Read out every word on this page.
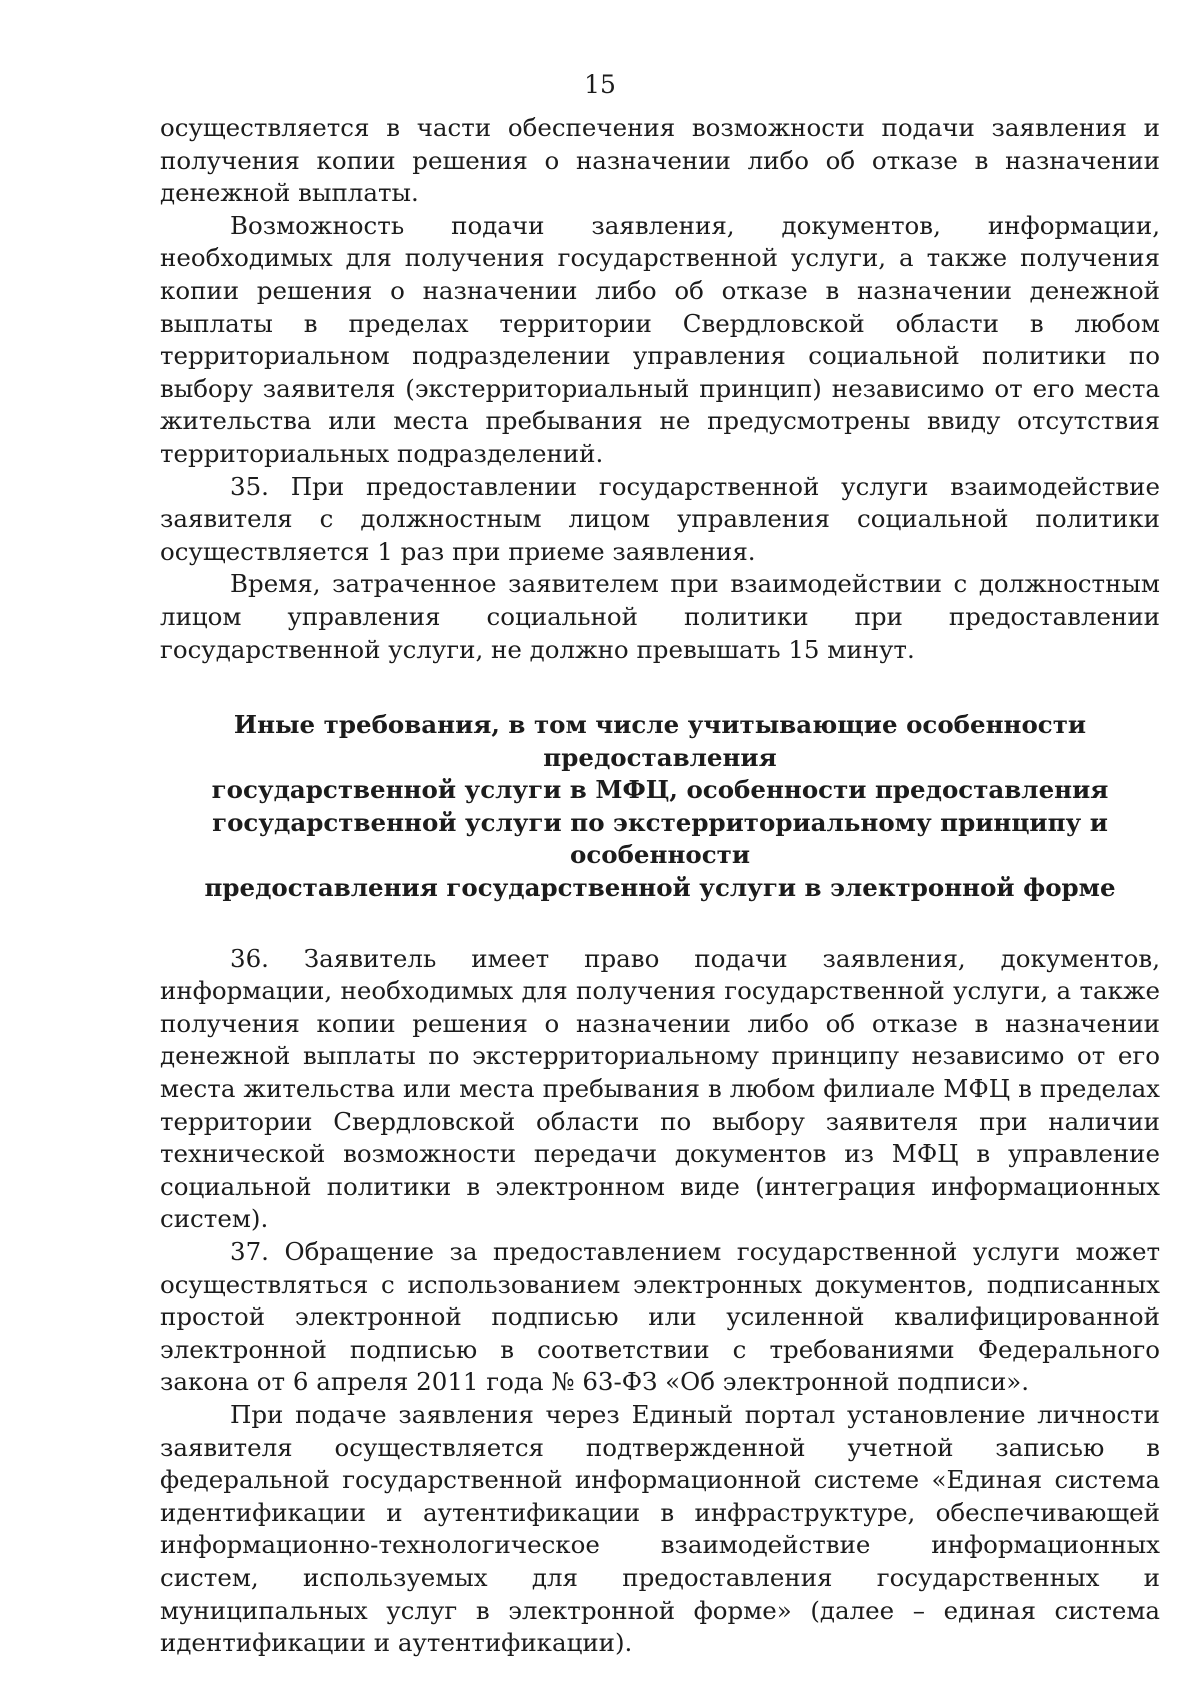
15

осуществляется в части обеспечения возможности подачи заявления и получения копии решения о назначении либо об отказе в назначении денежной выплаты.

Возможность подачи заявления, документов, информации, необходимых для получения государственной услуги, а также получения копии решения о назначении либо об отказе в назначении денежной выплаты в пределах территории Свердловской области в любом территориальном подразделении управления социальной политики по выбору заявителя (экстерриториальный принцип) независимо от его места жительства или места пребывания не предусмотрены ввиду отсутствия территориальных подразделений.

35. При предоставлении государственной услуги взаимодействие заявителя с должностным лицом управления социальной политики осуществляется 1 раз при приеме заявления.

Время, затраченное заявителем при взаимодействии с должностным лицом управления социальной политики при предоставлении государственной услуги, не должно превышать 15 минут.

Иные требования, в том числе учитывающие особенности предоставления
государственной услуги в МФЦ, особенности предоставления
государственной услуги по экстерриториальному принципу и особенности
предоставления государственной услуги в электронной форме

36. Заявитель имеет право подачи заявления, документов, информации, необходимых для получения государственной услуги, а также получения копии решения о назначении либо об отказе в назначении денежной выплаты по экстерриториальному принципу независимо от его места жительства или места пребывания в любом филиале МФЦ в пределах территории Свердловской области по выбору заявителя при наличии технической возможности передачи документов из МФЦ в управление социальной политики в электронном виде (интеграция информационных систем).

37. Обращение за предоставлением государственной услуги может осуществляться с использованием электронных документов, подписанных простой электронной подписью или усиленной квалифицированной электронной подписью в соответствии с требованиями Федерального закона от 6 апреля 2011 года № 63-ФЗ «Об электронной подписи».

При подаче заявления через Единый портал установление личности заявителя осуществляется подтвержденной учетной записью в федеральной государственной информационной системе «Единая система идентификации и аутентификации в инфраструктуре, обеспечивающей информационно-технологическое взаимодействие информационных систем, используемых для предоставления государственных и муниципальных услуг в электронной форме» (далее – единая система идентификации и аутентификации).
